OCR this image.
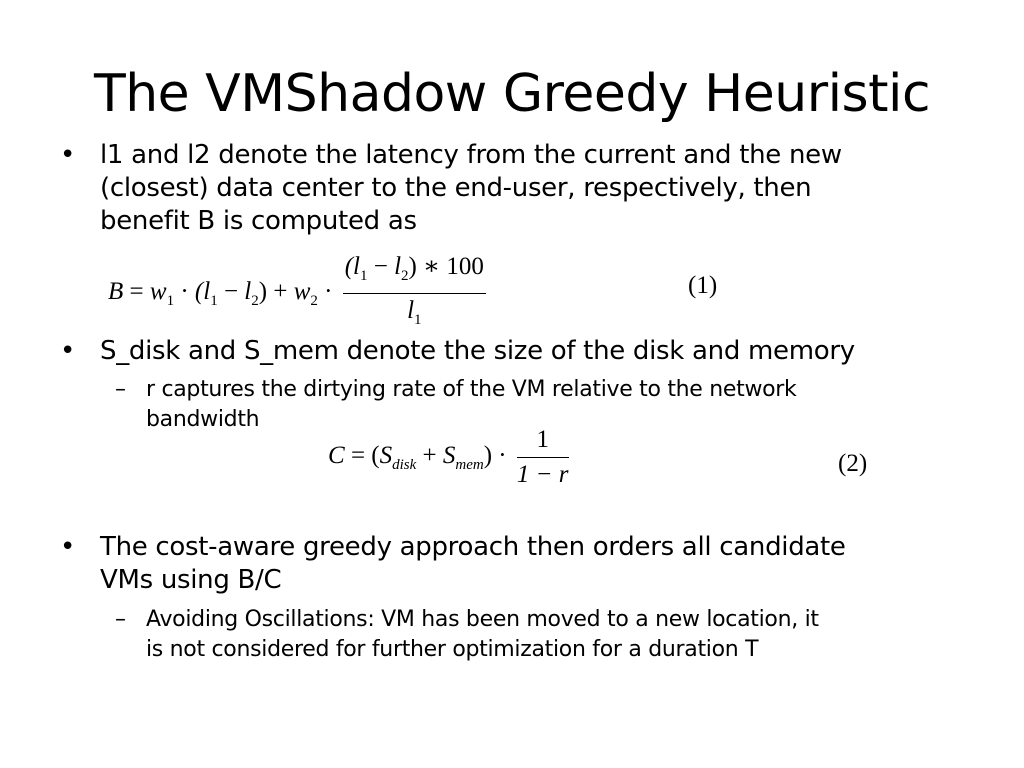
The VMShadow Greedy Heuristic
• l1 and l2 denote the latency from the current and the new
(closest) data center to the end-user, respectively, then
benefit B is computed as
$B = w_1 \cdot (l_1 - l_2) + w_2 \cdot \frac{(l_1 - l_2) ∗ 100}{l_1}$	(1)
• S_disk and S_mem denote the size of the disk and memory
– r captures the dirtying rate of the VM relative to the network
bandwidth
$C = (S_{disk} + S_{mem}) \cdot \frac{1}{1 - r}$	(2)
• The cost-aware greedy approach then orders all candidate
VMs using B/C
– Avoiding Oscillations: VM has been moved to a new location, it
is not considered for further optimization for a duration T
